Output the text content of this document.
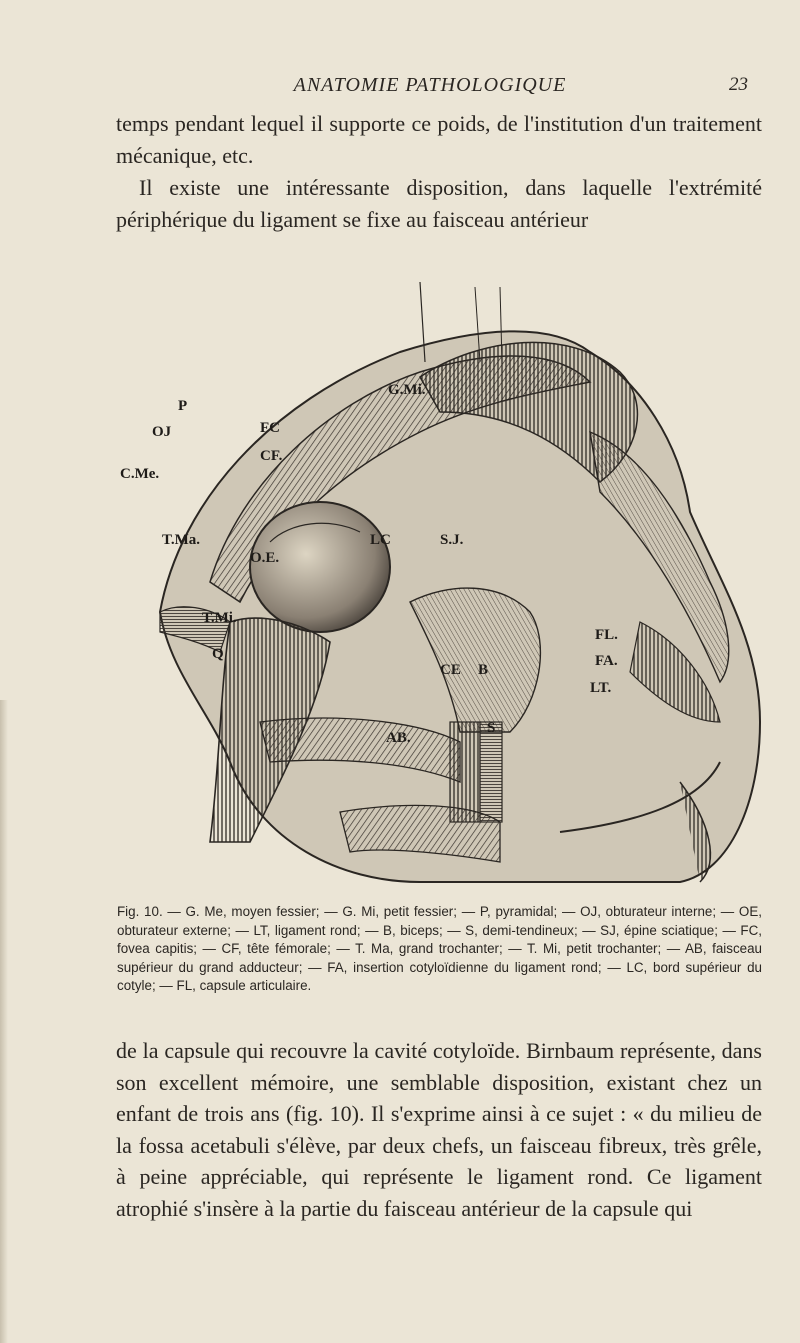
ANATOMIE PATHOLOGIQUE	23
temps pendant lequel il supporte ce poids, de l'institution d'un traitement mécanique, etc.
Il existe une intéressante disposition, dans laquelle l'extrémité périphérique du ligament se fixe au faisceau antérieur
G.Mi.
P
OJ
C.Me.
FC
CF.
T.Ma.
O.E.
LC	S.J.
T.Mi.
Q
CE B
FL.
FA.
LT.
AB.
S
Fig. 10. — G. Me, moyen fessier; — G. Mi, petit fessier; — P, pyramidal; — OJ, obturateur interne; — OE, obturateur externe; — LT, ligament rond; — B, biceps; — S, demi-tendineux; — SJ, épine sciatique; — FC, fovea capitis; — CF, tête fémorale; — T. Ma, grand trochanter; — T. Mi, petit trochanter; — AB, faisceau supérieur du grand adducteur; — FA, insertion cotyloïdienne du ligament rond; — LC, bord supérieur du cotyle; — FL, capsule articulaire.
de la capsule qui recouvre la cavité cotyloïde. Birnbaum représente, dans son excellent mémoire, une semblable disposition, existant chez un enfant de trois ans (fig. 10). Il s'exprime ainsi à ce sujet : « du milieu de la fossa acetabuli s'élève, par deux chefs, un faisceau fibreux, très grêle, à peine appréciable, qui représente le ligament rond. Ce ligament atrophié s'insère à la partie du faisceau antérieur de la capsule qui
